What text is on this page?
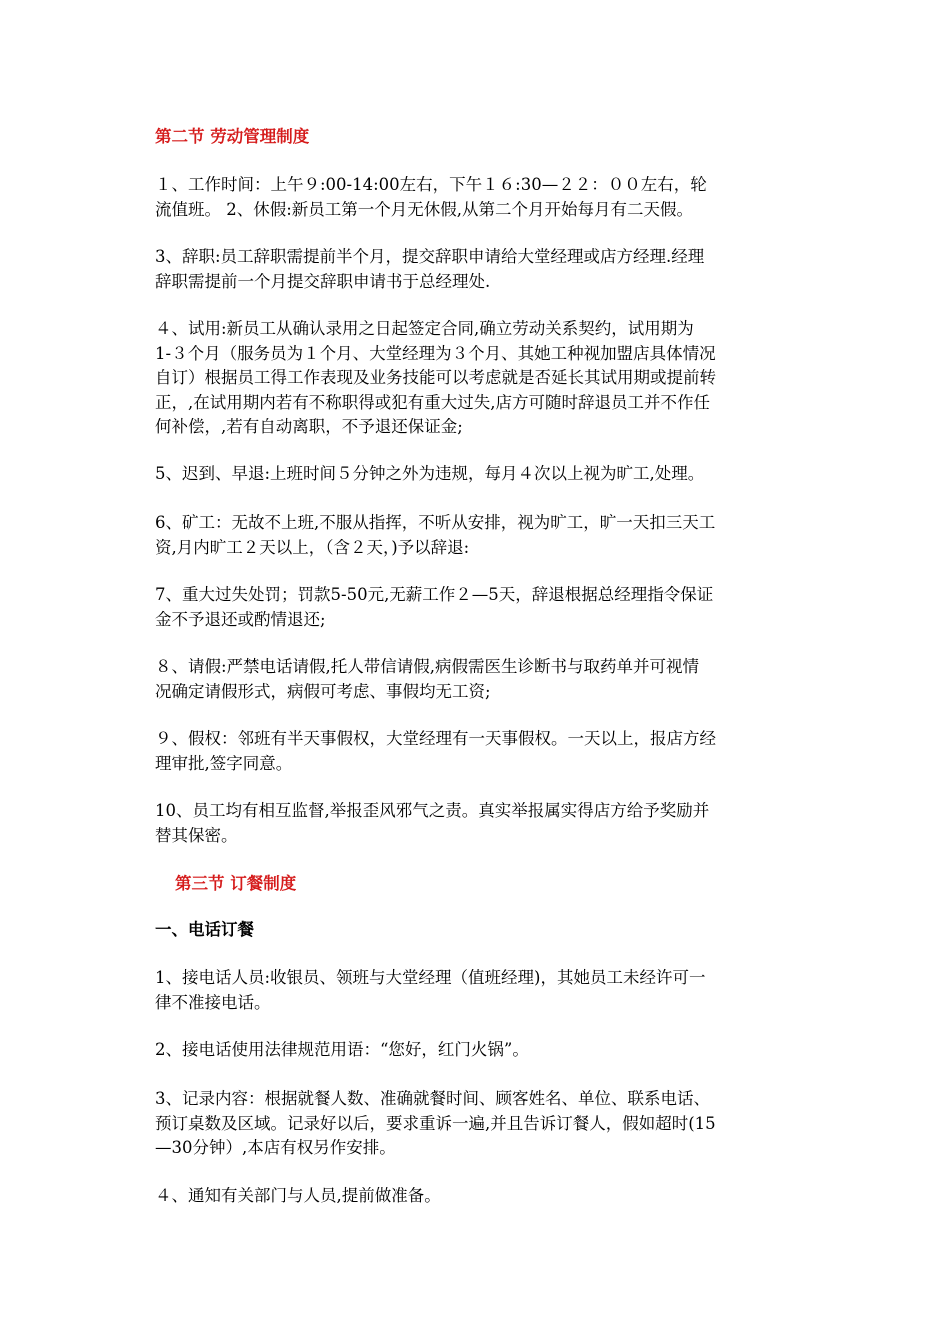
第二节 劳动管理制度

１、工作时间：上午９:00-14:00左右，下午１６:30—２２：００左右，轮
流值班。 2、休假:新员工第一个月无休假,从第二个月开始每月有二天假。

3、辞职:员工辞职需提前半个月，提交辞职申请给大堂经理或店方经理.经理
辞职需提前一个月提交辞职申请书于总经理处.

４、试用:新员工从确认录用之日起签定合同,确立劳动关系契约，试用期为
1-３个月（服务员为１个月、大堂经理为３个月、其她工种视加盟店具体情况
自订）根据员工得工作表现及业务技能可以考虑就是否延长其试用期或提前转
正，,在试用期内若有不称职得或犯有重大过失,店方可随时辞退员工并不作任
何补偿，,若有自动离职，不予退还保证金;

5、迟到、早退:上班时间５分钟之外为违规，每月４次以上视为旷工,处理。

6、矿工：无故不上班,不服从指挥，不听从安排，视为旷工，旷一天扣三天工
资,月内旷工２天以上，（含２天，)予以辞退:

7、重大过失处罚；罚款5-50元,无薪工作２—5天，辞退根据总经理指令保证
金不予退还或酌情退还;

８、请假:严禁电话请假,托人带信请假,病假需医生诊断书与取药单并可视情
况确定请假形式，病假可考虑、事假均无工资;

９、假权：邻班有半天事假权，大堂经理有一天事假权。一天以上，报店方经
理审批,签字同意。

10、员工均有相互监督,举报歪风邪气之责。真实举报属实得店方给予奖励并
替其保密。

第三节 订餐制度
一、电话订餐

1、接电话人员:收银员、领班与大堂经理（值班经理)，其她员工未经许可一
律不准接电话。

2、接电话使用法律规范用语：“您好，红门火锅”。

3、记录内容：根据就餐人数、准确就餐时间、顾客姓名、单位、联系电话、
预订桌数及区域。记录好以后，要求重诉一遍,并且告诉订餐人，假如超时(15
—30分钟）,本店有权另作安排。

４、通知有关部门与人员,提前做准备。
